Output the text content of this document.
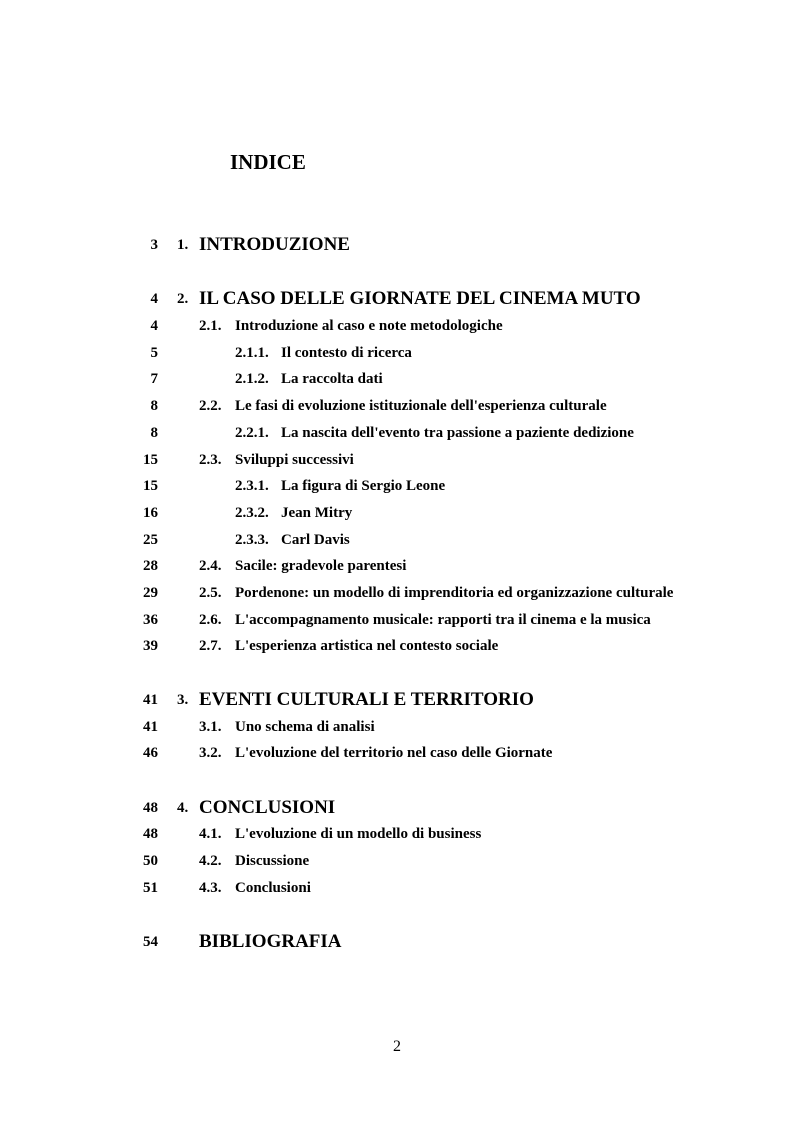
INDICE
3 1. INTRODUZIONE
4 2. IL CASO DELLE GIORNATE DEL CINEMA MUTO
4	2.1. Introduzione al caso e note metodologiche
5	2.1.1. Il contesto di ricerca
7	2.1.2. La raccolta dati
8	2.2. Le fasi di evoluzione istituzionale dell'esperienza culturale
8	2.2.1. La nascita dell'evento tra passione a paziente dedizione
15	2.3. Sviluppi successivi
15	2.3.1. La figura di Sergio Leone
16	2.3.2. Jean Mitry
25	2.3.3. Carl Davis
28	2.4. Sacile: gradevole parentesi
29	2.5. Pordenone: un modello di imprenditoria ed organizzazione culturale
36	2.6. L'accompagnamento musicale: rapporti tra il cinema e la musica
39	2.7. L'esperienza artistica nel contesto sociale
41 3. EVENTI CULTURALI E TERRITORIO
41	3.1. Uno schema di analisi
46	3.2. L'evoluzione del territorio nel caso delle Giornate
48 4. CONCLUSIONI
48	4.1. L'evoluzione di un modello di business
50	4.2. Discussione
51	4.3. Conclusioni
54 BIBLIOGRAFIA
2
